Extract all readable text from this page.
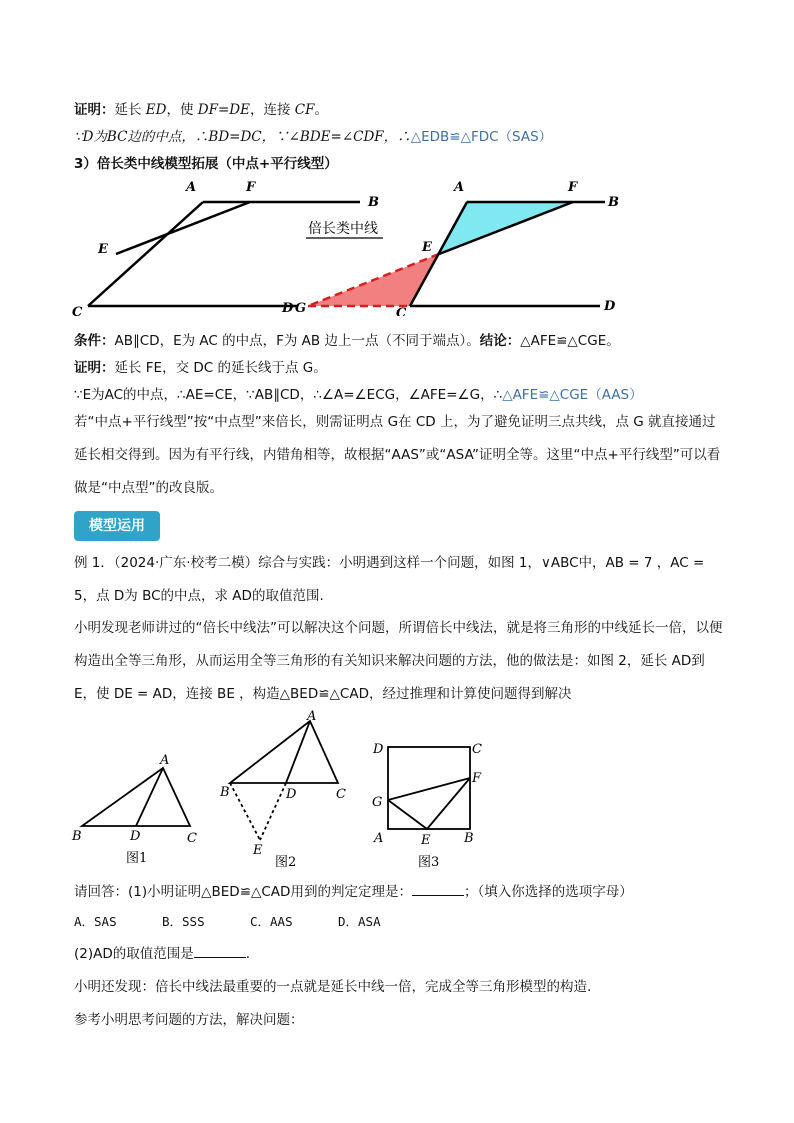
证明：延长 ED，使 DF=DE，连接 CF。
∵D为BC边的中点，∴BD=DC，∵∠BDE=∠CDF，∴△EDB≌△FDC（SAS）
3）倍长类中线模型拓展（中点+平行线型）
A	F
B
E
C	D
倍长类中线
A	F
B
E
G	C	D
条件：AB∥CD，E为 AC 的中点，F为 AB 边上一点（不同于端点）。结论：△AFE≌△CGE。
证明：延长 FE，交 DC 的延长线于点 G。
∵E为AC的中点，∴AE=CE，∵AB∥CD，∴∠A=∠ECG，∠AFE=∠G，∴△AFE≌△CGE（AAS）
若“中点+平行线型”按“中点型”来倍长，则需证明点 G在 CD 上，为了避免证明三点共线，点 G 就直接通过延长相交得到。因为有平行线，内错角相等，故根据“AAS”或“ASA”证明全等。这里“中点+平行线型”可以看做是“中点型”的改良版。
模型运用
例 1．（2024·广东·校考二模）综合与实践：小明遇到这样一个问题，如图 1，∨ABC中，AB = 7 ，AC = 5，点 D为 BC的中点，求 AD的取值范围.
小明发现老师讲过的“倍长中线法”可以解决这个问题，所谓倍长中线法，就是将三角形的中线延长一倍，以便构造出全等三角形，从而运用全等三角形的有关知识来解决问题的方法，他的做法是：如图 2，延长 AD到 E，使 DE = AD，连接 BE ，构造△BED≌△CAD，经过推理和计算使问题得到解决
A
B	D	C
图1
A
B	D	C
E
图2
D	C
F
G
A	E	B
图3
请回答：(1)小明证明△BED≌△CAD用到的判定定理是：	；（填入你选择的选项字母）
A．SAS	B．SSS	C．AAS	D．ASA
(2)AD的取值范围是	.
小明还发现：倍长中线法最重要的一点就是延长中线一倍，完成全等三角形模型的构造.
参考小明思考问题的方法，解决问题：
